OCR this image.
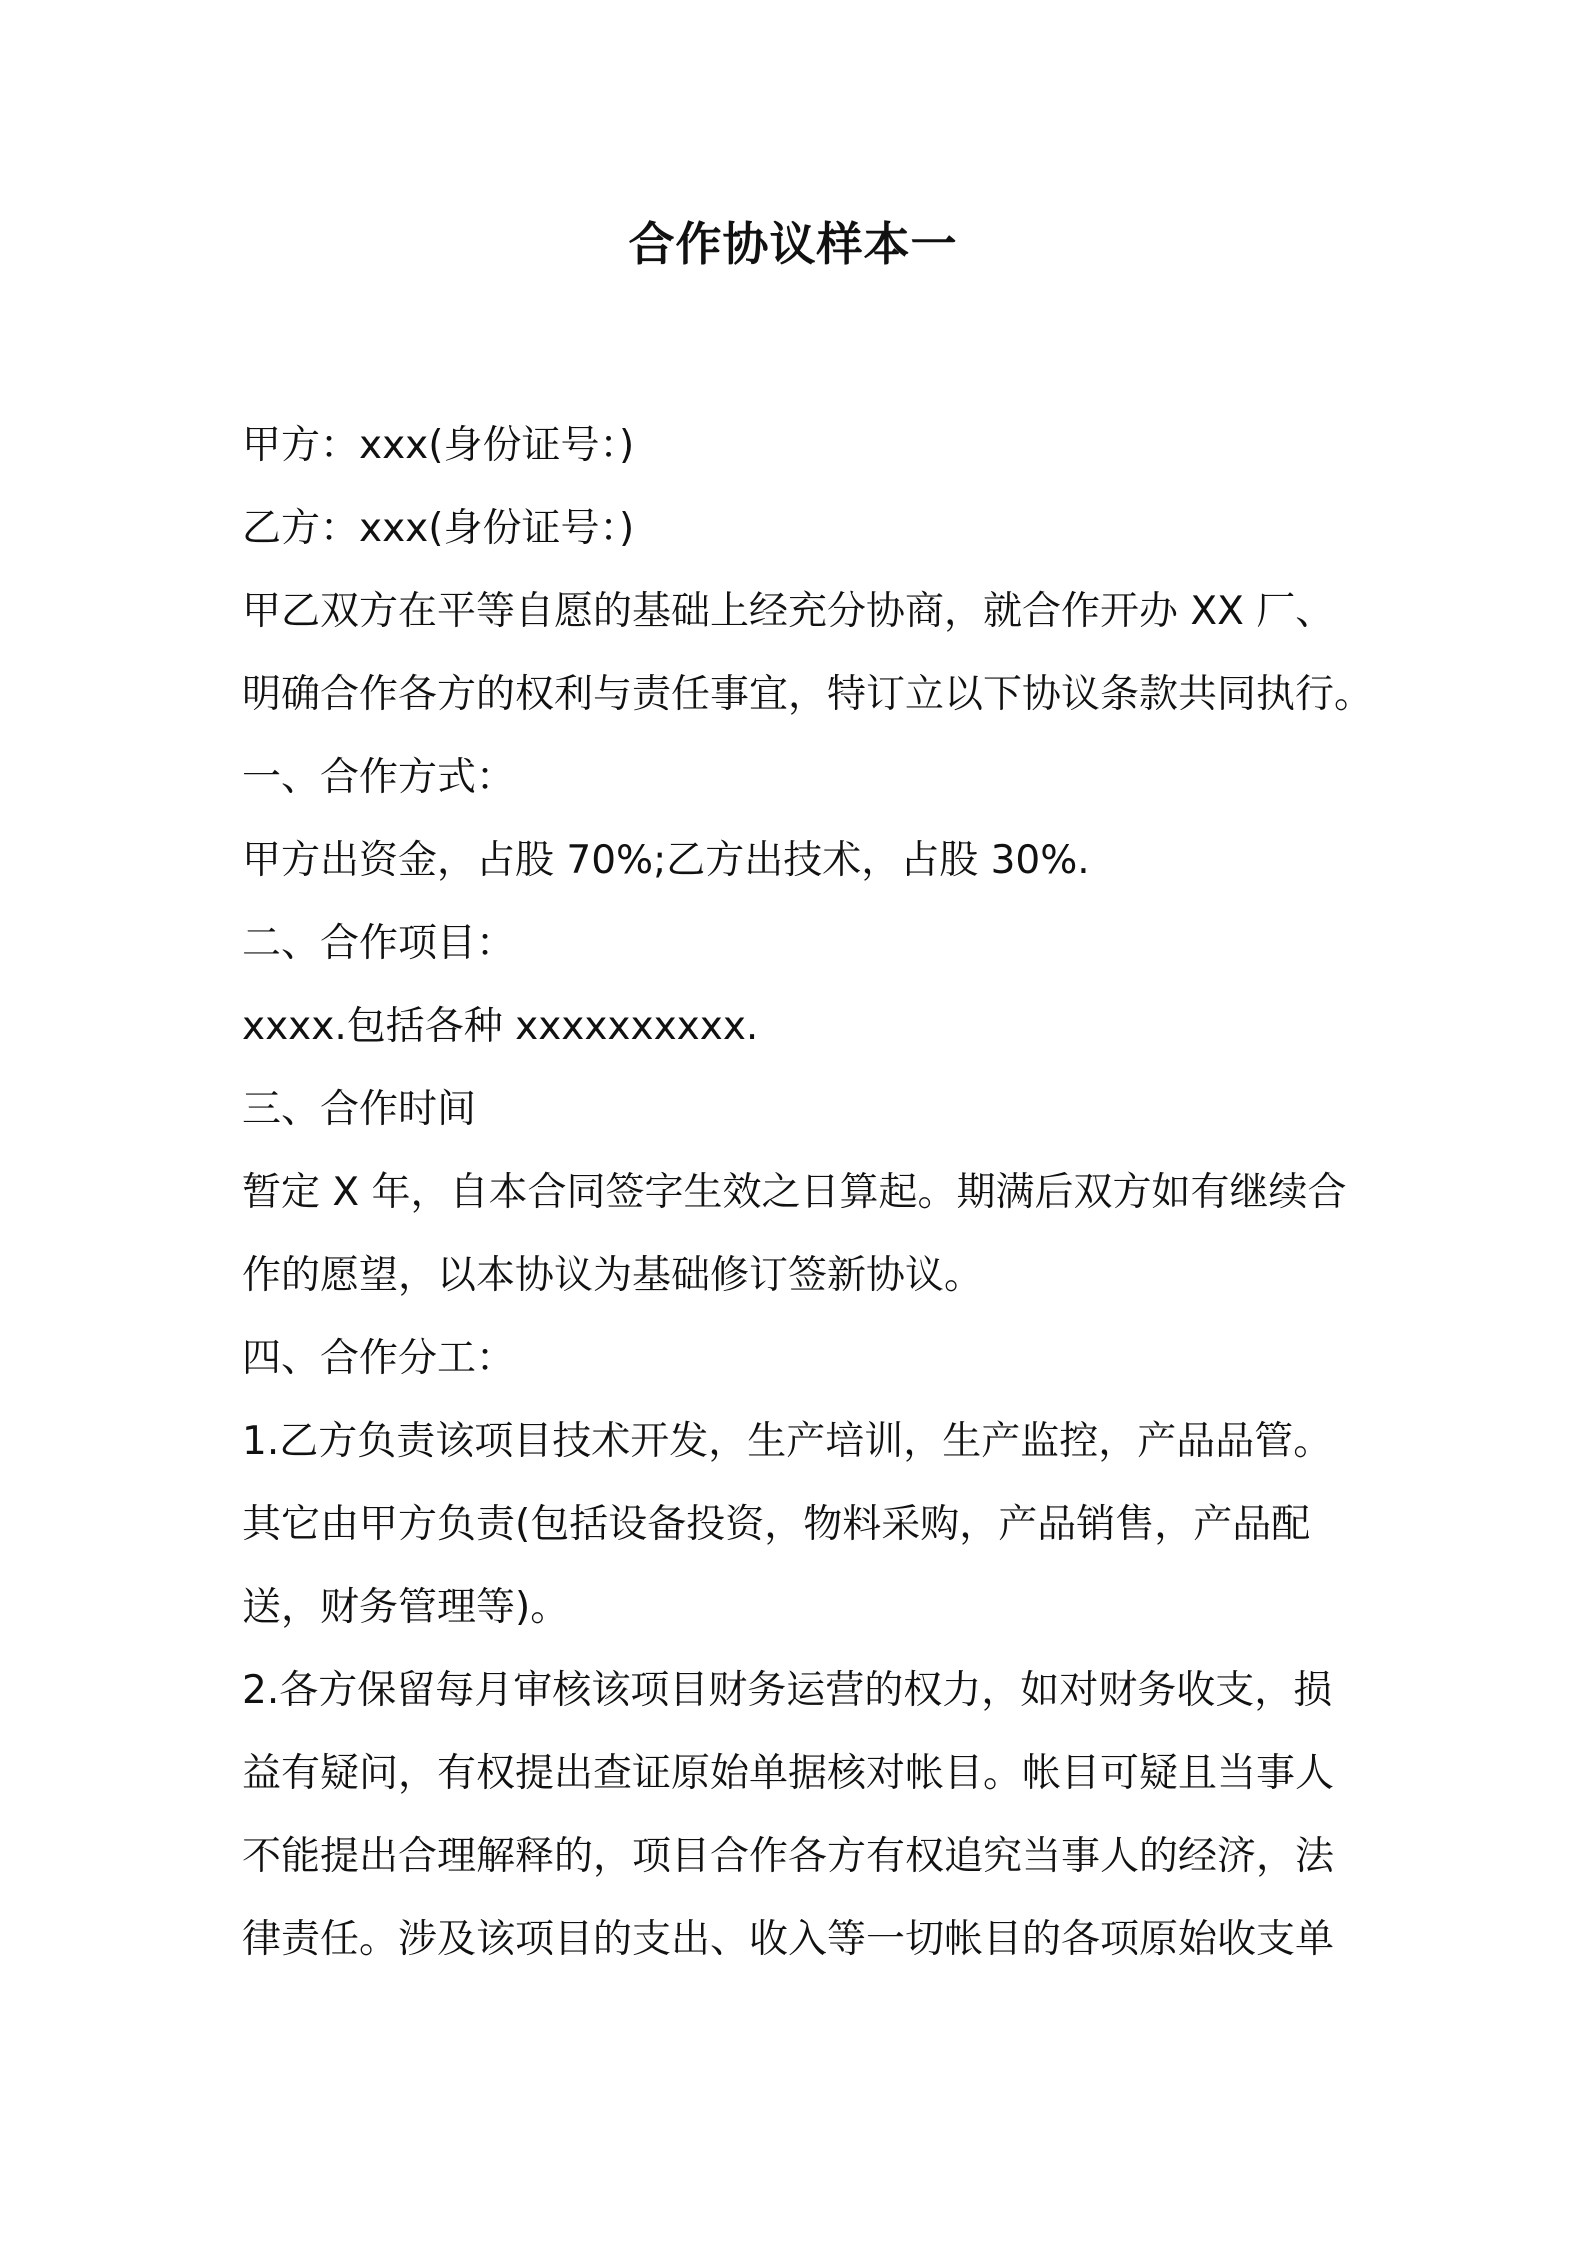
合作协议样本一
甲方：xxx(身份证号：)
乙方：xxx(身份证号：)
甲乙双方在平等自愿的基础上经充分协商，就合作开办 XX 厂、
明确合作各方的权利与责任事宜，特订立以下协议条款共同执行。
一、合作方式：
甲方出资金，占股 70%;乙方出技术，占股 30%.
二、合作项目：
xxxx.包括各种 xxxxxxxxxx.
三、合作时间
暂定 X 年，自本合同签字生效之日算起。期满后双方如有继续合
作的愿望，以本协议为基础修订签新协议。
四、合作分工：
1.乙方负责该项目技术开发，生产培训，生产监控，产品品管。
其它由甲方负责(包括设备投资，物料采购，产品销售，产品配
送，财务管理等)。
2.各方保留每月审核该项目财务运营的权力，如对财务收支，损
益有疑问，有权提出查证原始单据核对帐目。帐目可疑且当事人
不能提出合理解释的，项目合作各方有权追究当事人的经济，法
律责任。涉及该项目的支出、收入等一切帐目的各项原始收支单
